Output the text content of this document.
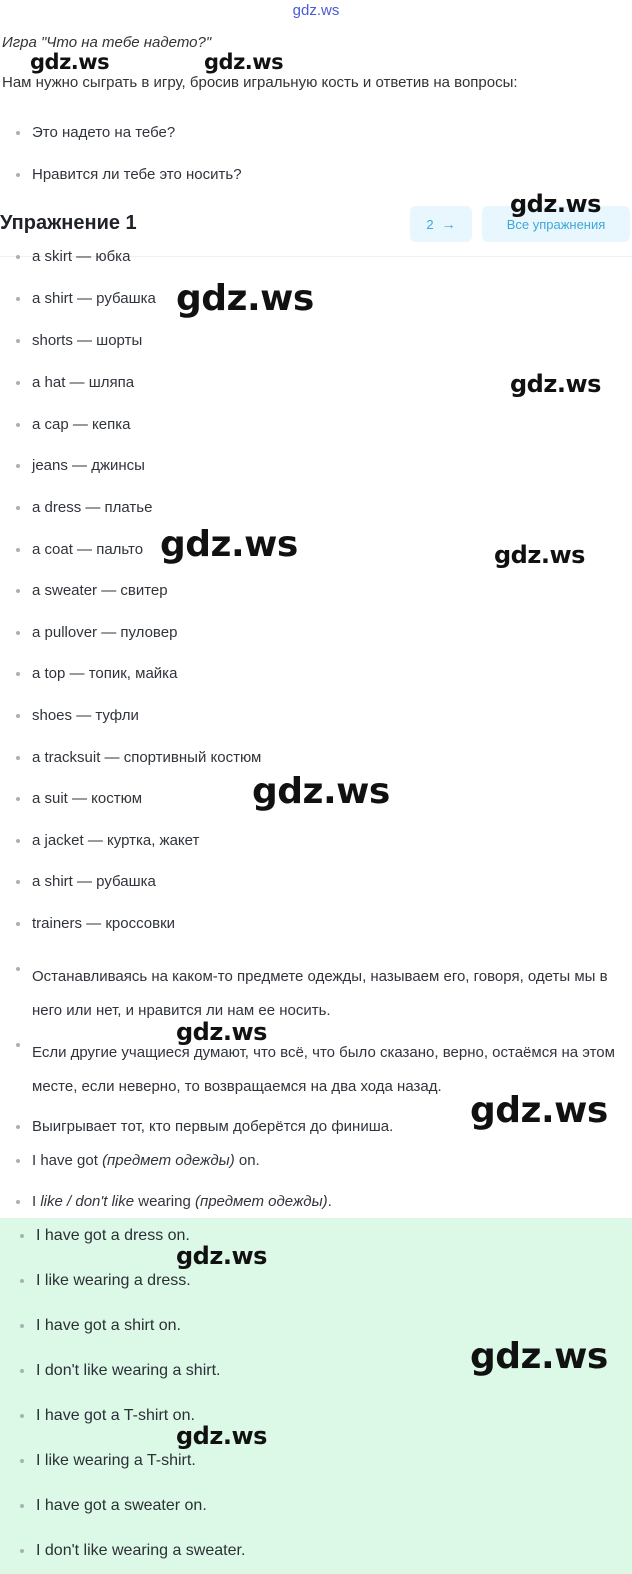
gdz.ws
Игра "Что на тебе надето?"
Нам нужно сыграть в игру, бросив игральную кость и ответив на вопросы:
Это надето на тебе?
Нравится ли тебе это носить?
Упражнение 1	2 →	Все упражнения
a skirt — юбка
a shirt — рубашка
shorts — шорты
a hat — шляпа
a cap — кепка
jeans — джинсы
a dress — платье
a coat — пальто
a sweater — свитер
a pullover — пуловер
a top — топик, майка
shoes — туфли
a tracksuit — спортивный костюм
a suit — костюм
a jacket — куртка, жакет
a shirt — рубашка
trainers — кроссовки
Останавливаясь на каком-то предмете одежды, называем его, говоря, одеты мы в него или нет, и нравится ли нам ее носить.
Если другие учащиеся думают, что всё, что было сказано, верно, остаёмся на этом месте, если неверно, то возвращаемся на два хода назад.
Выигрывает тот, кто первым доберётся до финиша.
I have got (предмет одежды) on.
I like / don't like wearing (предмет одежды).
I have got a dress on.
I like wearing a dress.
I have got a shirt on.
I don't like wearing a shirt.
I have got a T-shirt on.
I like wearing a T-shirt.
I have got a sweater on.
I don't like wearing a sweater.
gdz.ws	gdz.ws
gdz.ws
gdz.ws
gdz.ws
gdz.ws	gdz.ws
gdz.ws
gdz.ws
gdz.ws
gdz.ws
gdz.ws
gdz.ws
